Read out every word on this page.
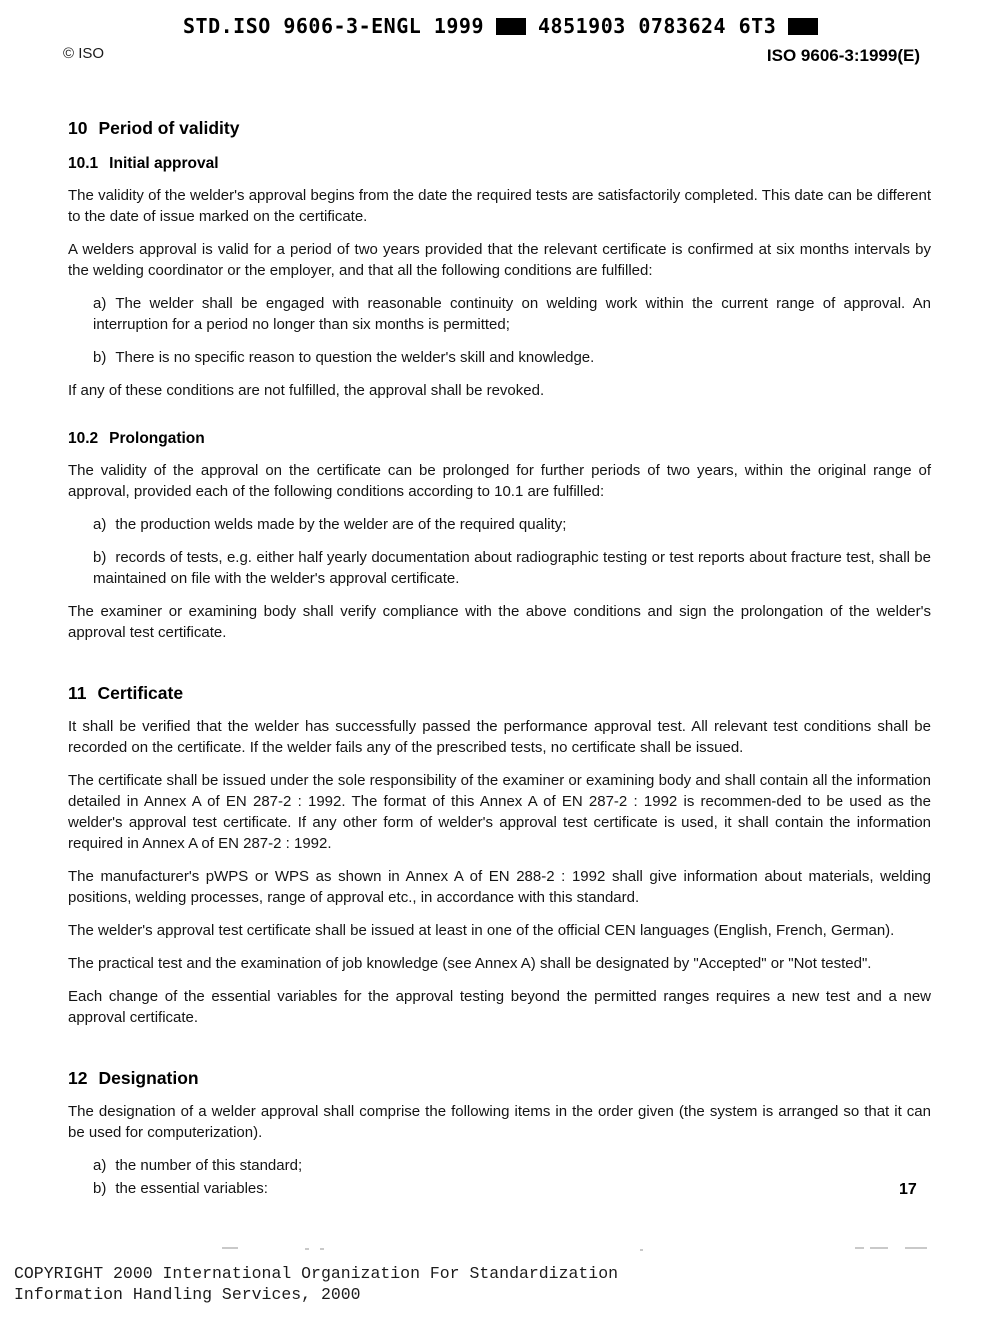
STD.ISO 9606-3-ENGL 1999	4851903 0783624 6T3
© ISO	ISO 9606-3:1999(E)
10 Period of validity
10.1 Initial approval

The validity of the welder's approval begins from the date the required tests are satisfactorily completed. This date can be different to the date of issue marked on the certificate.

A welders approval is valid for a period of two years provided that the relevant certificate is confirmed at six months intervals by the welding coordinator or the employer, and that all the following conditions are fulfilled:

a) The welder shall be engaged with reasonable continuity on welding work within the current range of approval. An interruption for a period no longer than six months is permitted;
b) There is no specific reason to question the welder's skill and knowledge.

If any of these conditions are not fulfilled, the approval shall be revoked.

10.2 Prolongation

The validity of the approval on the certificate can be prolonged for further periods of two years, within the original range of approval, provided each of the following conditions according to 10.1 are fulfilled:

a) the production welds made by the welder are of the required quality;
b) records of tests, e.g. either half yearly documentation about radiographic testing or test reports about fracture test, shall be maintained on file with the welder's approval certificate.

The examiner or examining body shall verify compliance with the above conditions and sign the prolongation of the welder's approval test certificate.

11 Certificate

It shall be verified that the welder has successfully passed the performance approval test. All relevant test conditions shall be recorded on the certificate. If the welder fails any of the prescribed tests, no certificate shall be issued.

The certificate shall be issued under the sole responsibility of the examiner or examining body and shall contain all the information detailed in Annex A of EN 287-2 : 1992. The format of this Annex A of EN 287-2 : 1992 is recommen-ded to be used as the welder's approval test certificate. If any other form of welder's approval test certificate is used, it shall contain the information required in Annex A of EN 287-2 : 1992.

The manufacturer's pWPS or WPS as shown in Annex A of EN 288-2 : 1992 shall give information about materials, welding positions, welding processes, range of approval etc., in accordance with this standard.

The welder's approval test certificate shall be issued at least in one of the official CEN languages (English, French, German).

The practical test and the examination of job knowledge (see Annex A) shall be designated by "Accepted" or "Not tested".

Each change of the essential variables for the approval testing beyond the permitted ranges requires a new test and a new approval certificate.

12 Designation

The designation of a welder approval shall comprise the following items in the order given (the system is arranged so that it can be used for computerization).

a) the number of this standard;
b) the essential variables:	17
COPYRIGHT 2000 International Organization For Standardization
Information Handling Services, 2000
